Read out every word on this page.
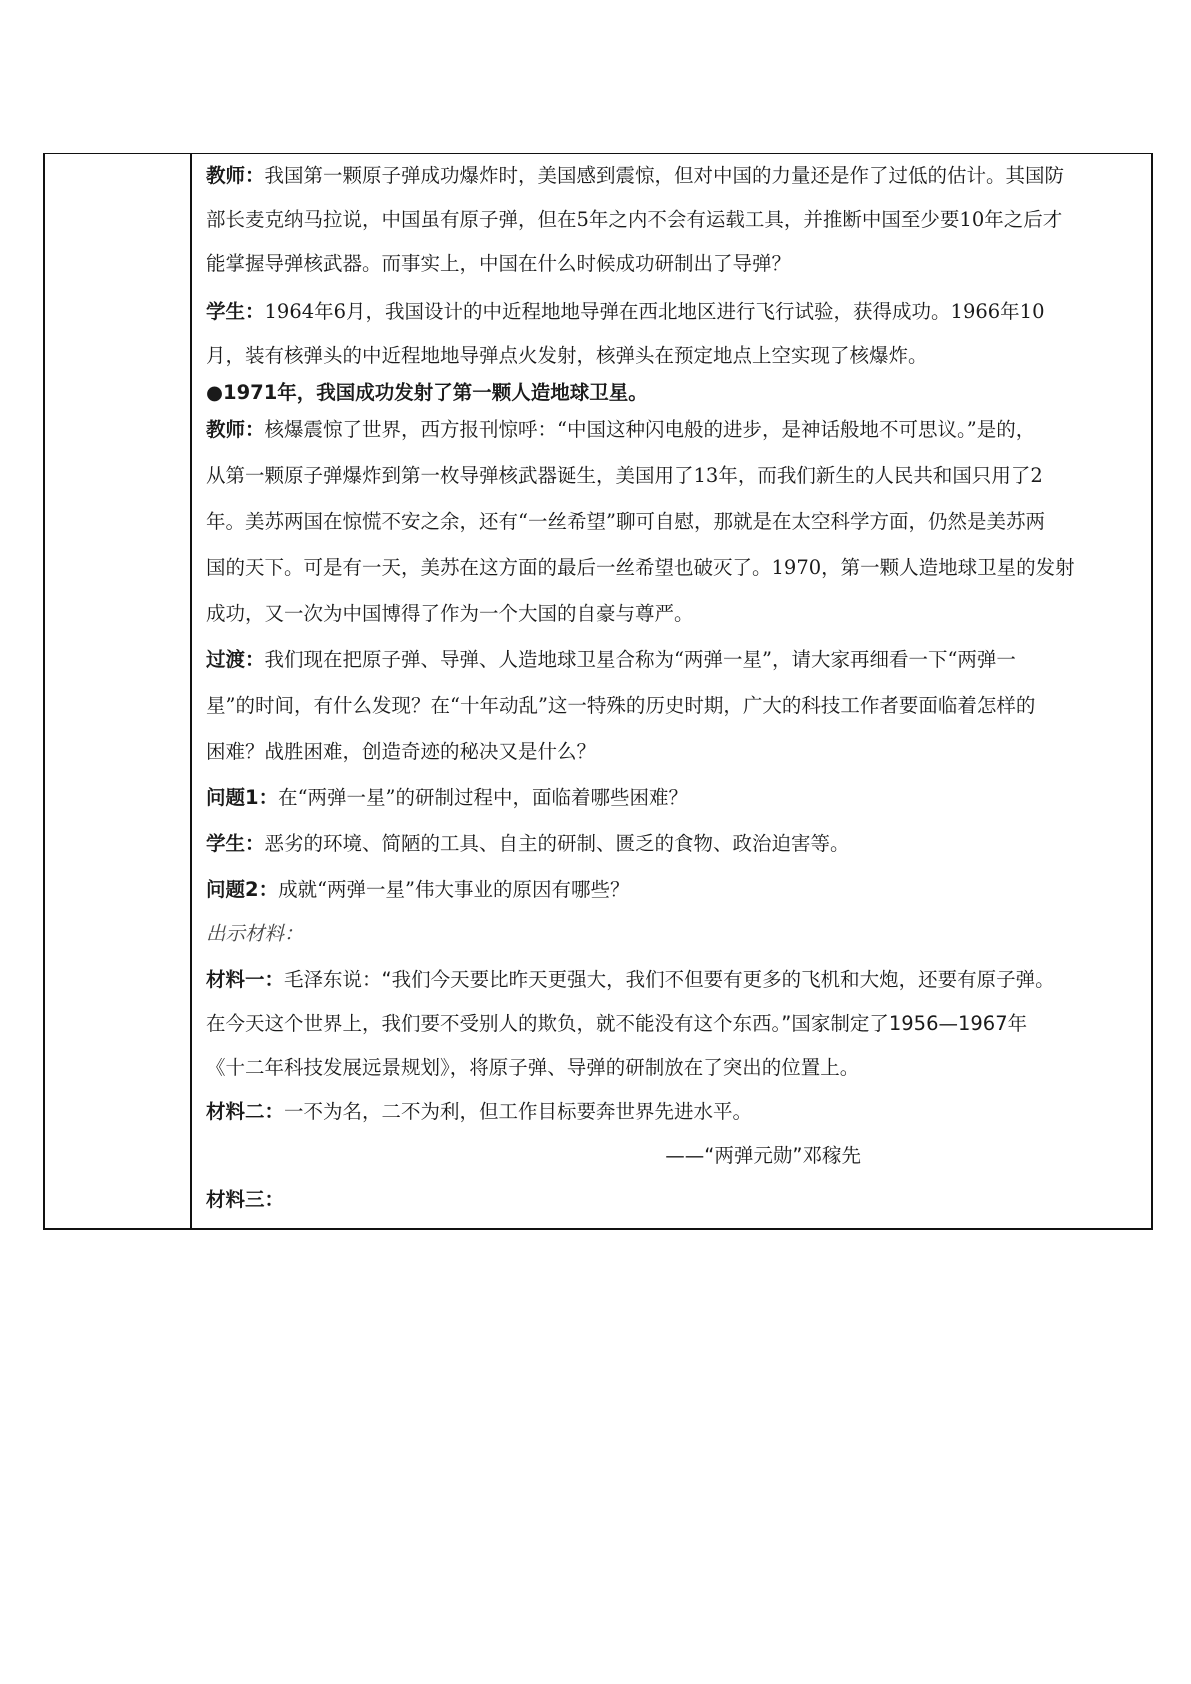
教师：我国第一颗原子弹成功爆炸时，美国感到震惊，但对中国的力量还是作了过低的估计。其国防

部长麦克纳马拉说，中国虽有原子弹，但在5年之内不会有运载工具，并推断中国至少要10年之后才

能掌握导弹核武器。而事实上，中国在什么时候成功研制出了导弹？

学生：1964年6月，我国设计的中近程地地导弹在西北地区进行飞行试验，获得成功。1966年10

月，装有核弹头的中近程地地导弹点火发射，核弹头在预定地点上空实现了核爆炸。

●1971年，我国成功发射了第一颗人造地球卫星。

教师：核爆震惊了世界，西方报刊惊呼：“中国这种闪电般的进步，是神话般地不可思议。”是的，

从第一颗原子弹爆炸到第一枚导弹核武器诞生，美国用了13年，而我们新生的人民共和国只用了2

年。美苏两国在惊慌不安之余，还有“一丝希望”聊可自慰，那就是在太空科学方面，仍然是美苏两

国的天下。可是有一天，美苏在这方面的最后一丝希望也破灭了。1970，第一颗人造地球卫星的发射

成功，又一次为中国博得了作为一个大国的自豪与尊严。

过渡：我们现在把原子弹、导弹、人造地球卫星合称为“两弹一星”，请大家再细看一下“两弹一

星”的时间，有什么发现？在“十年动乱”这一特殊的历史时期，广大的科技工作者要面临着怎样的

困难？战胜困难，创造奇迹的秘决又是什么？

问题1：在“两弹一星”的研制过程中，面临着哪些困难？

学生：恶劣的环境、简陋的工具、自主的研制、匮乏的食物、政治迫害等。

问题2：成就“两弹一星”伟大事业的原因有哪些？

出示材料：

材料一：毛泽东说：“我们今天要比昨天更强大，我们不但要有更多的飞机和大炮，还要有原子弹。

在今天这个世界上，我们要不受别人的欺负，就不能没有这个东西。”国家制定了1956—1967年

《十二年科技发展远景规划》，将原子弹、导弹的研制放在了突出的位置上。

材料二：一不为名，二不为利，但工作目标要奔世界先进水平。

——“两弹元勋”邓稼先

材料三：
